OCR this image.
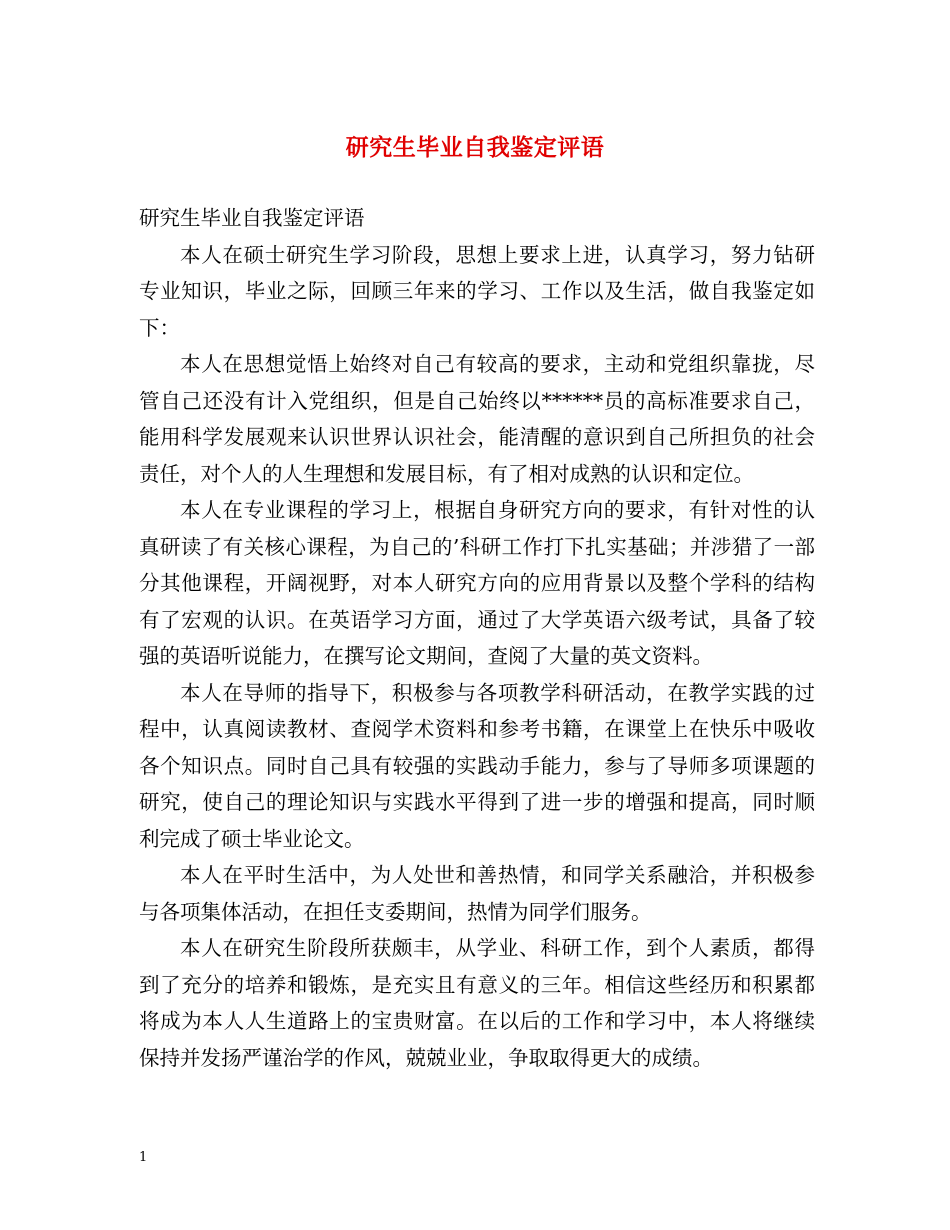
研究生毕业自我鉴定评语

研究生毕业自我鉴定评语

本人在硕士研究生学习阶段，思想上要求上进，认真学习，努力钻研专业知识，毕业之际，回顾三年来的学习、工作以及生活，做自我鉴定如下：

本人在思想觉悟上始终对自己有较高的要求，主动和党组织靠拢，尽管自己还没有计入党组织，但是自己始终以******员的高标准要求自己，能用科学发展观来认识世界认识社会，能清醒的意识到自己所担负的社会责任，对个人的人生理想和发展目标，有了相对成熟的认识和定位。

本人在专业课程的学习上，根据自身研究方向的要求，有针对性的认真研读了有关核心课程，为自己的’科研工作打下扎实基础；并涉猎了一部分其他课程，开阔视野，对本人研究方向的应用背景以及整个学科的结构有了宏观的认识。在英语学习方面，通过了大学英语六级考试，具备了较强的英语听说能力，在撰写论文期间，查阅了大量的英文资料。

本人在导师的指导下，积极参与各项教学科研活动，在教学实践的过程中，认真阅读教材、查阅学术资料和参考书籍，在课堂上在快乐中吸收各个知识点。同时自己具有较强的实践动手能力，参与了导师多项课题的研究，使自己的理论知识与实践水平得到了进一步的增强和提高，同时顺利完成了硕士毕业论文。

本人在平时生活中，为人处世和善热情，和同学关系融洽，并积极参与各项集体活动，在担任支委期间，热情为同学们服务。

本人在研究生阶段所获颇丰，从学业、科研工作，到个人素质，都得到了充分的培养和锻炼，是充实且有意义的三年。相信这些经历和积累都将成为本人人生道路上的宝贵财富。在以后的工作和学习中，本人将继续保持并发扬严谨治学的作风，兢兢业业，争取取得更大的成绩。

1
